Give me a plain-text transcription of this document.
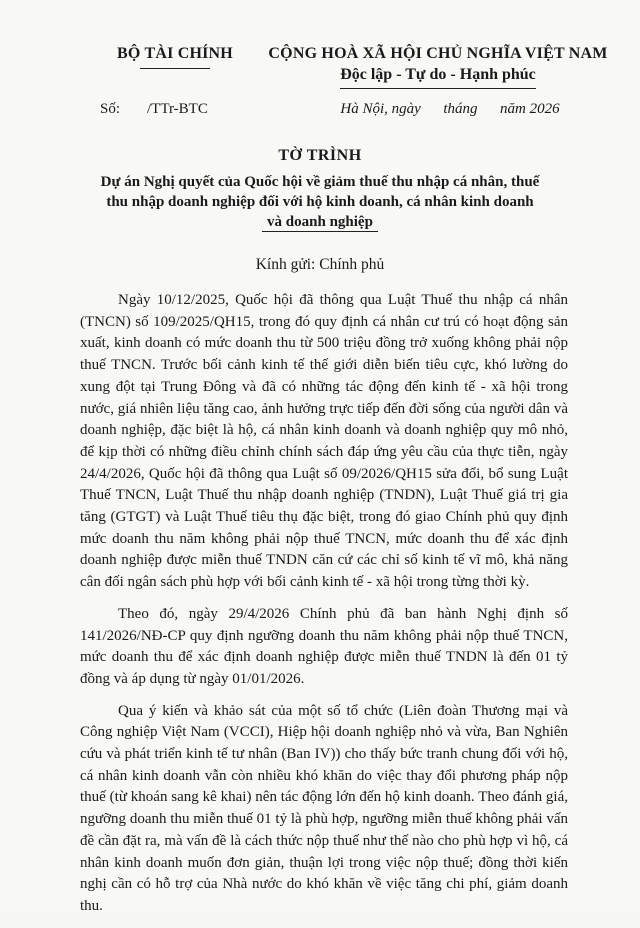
BỘ TÀI CHÍNH
Số: /TTr-BTC
CỘNG HOÀ XÃ HỘI CHỦ NGHĨA VIỆT NAM
Độc lập - Tự do - Hạnh phúc
Hà Nội, ngày      tháng      năm 2026
TỜ TRÌNH
Dự án Nghị quyết của Quốc hội về giảm thuế thu nhập cá nhân, thuế thu nhập doanh nghiệp đối với hộ kinh doanh, cá nhân kinh doanh và doanh nghiệp
Kính gửi: Chính phủ

Ngày 10/12/2025, Quốc hội đã thông qua Luật Thuế thu nhập cá nhân (TNCN) số 109/2025/QH15, trong đó quy định cá nhân cư trú có hoạt động sản xuất, kinh doanh có mức doanh thu từ 500 triệu đồng trở xuống không phải nộp thuế TNCN. Trước bối cảnh kinh tế thế giới diễn biến tiêu cực, khó lường do xung đột tại Trung Đông và đã có những tác động đến kinh tế - xã hội trong nước, giá nhiên liệu tăng cao, ảnh hưởng trực tiếp đến đời sống của người dân và doanh nghiệp, đặc biệt là hộ, cá nhân kinh doanh và doanh nghiệp quy mô nhỏ, để kịp thời có những điều chỉnh chính sách đáp ứng yêu cầu của thực tiễn, ngày 24/4/2026, Quốc hội đã thông qua Luật số 09/2026/QH15 sửa đổi, bổ sung Luật Thuế TNCN, Luật Thuế thu nhập doanh nghiệp (TNDN), Luật Thuế giá trị gia tăng (GTGT) và Luật Thuế tiêu thụ đặc biệt, trong đó giao Chính phủ quy định mức doanh thu năm không phải nộp thuế TNCN, mức doanh thu để xác định doanh nghiệp được miễn thuế TNDN căn cứ các chỉ số kinh tế vĩ mô, khả năng cân đối ngân sách phù hợp với bối cảnh kinh tế - xã hội trong từng thời kỳ.

Theo đó, ngày 29/4/2026 Chính phủ đã ban hành Nghị định số 141/2026/NĐ-CP quy định ngưỡng doanh thu năm không phải nộp thuế TNCN, mức doanh thu để xác định doanh nghiệp được miễn thuế TNDN là đến 01 tỷ đồng và áp dụng từ ngày 01/01/2026.

Qua ý kiến và khảo sát của một số tổ chức (Liên đoàn Thương mại và Công nghiệp Việt Nam (VCCI), Hiệp hội doanh nghiệp nhỏ và vừa, Ban Nghiên cứu và phát triển kinh tế tư nhân (Ban IV)) cho thấy bức tranh chung đối với hộ, cá nhân kinh doanh vẫn còn nhiều khó khăn do việc thay đổi phương pháp nộp thuế (từ khoán sang kê khai) nên tác động lớn đến hộ kinh doanh. Theo đánh giá, ngưỡng doanh thu miễn thuế 01 tỷ là phù hợp, ngưỡng miễn thuế không phải vấn đề cần đặt ra, mà vấn đề là cách thức nộp thuế như thế nào cho phù hợp vì hộ, cá nhân kinh doanh muốn đơn giản, thuận lợi trong việc nộp thuế; đồng thời kiến nghị cần có hỗ trợ của Nhà nước do khó khăn về việc tăng chi phí, giảm doanh thu.
